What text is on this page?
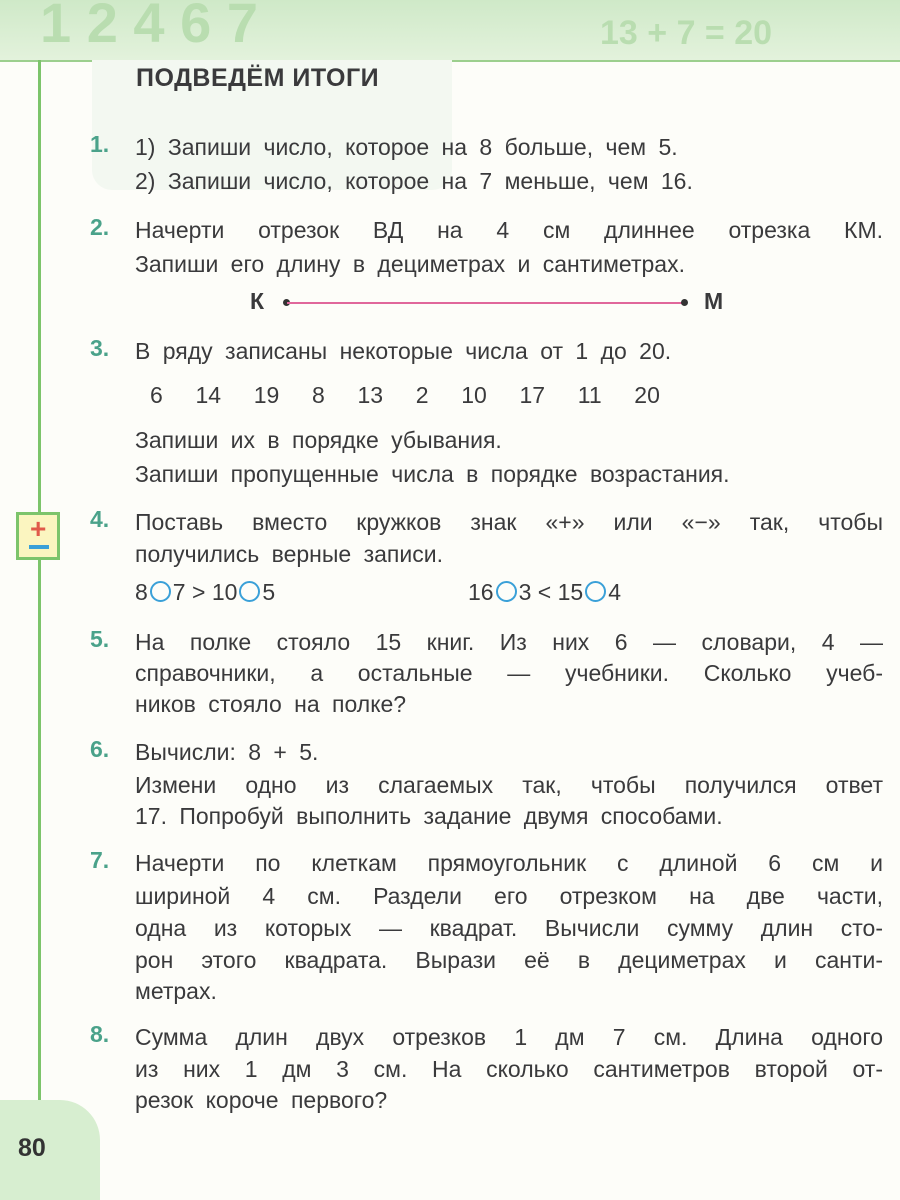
1 2 4 6 7	13 + 7 = 20
ПОДВЕДЁМ ИТОГИ
+
1. 1) Запиши число, которое на 8 больше, чем 5.
2) Запиши число, которое на 7 меньше, чем 16.
2. Начерти отрезок ВД на 4 см длиннее отрезка КМ.
Запиши его длину в дециметрах и сантиметрах.
К	М
3. В ряду записаны некоторые числа от 1 до 20.
6 14 19 8 13 2 10 17 11 20
Запиши их в порядке убывания.
Запиши пропущенные числа в порядке возрастания.
4. Поставь вместо кружков знак «+» или «−» так, чтобы
получились верные записи.
8 7 > 10 5	16 3 < 15 4
5. На полке стояло 15 книг. Из них 6 — словари, 4 —
справочники, а остальные — учебники. Сколько учеб-
ников стояло на полке?
6. Вычисли: 8 + 5.
Измени одно из слагаемых так, чтобы получился ответ
17. Попробуй выполнить задание двумя способами.
7. Начерти по клеткам прямоугольник с длиной 6 см и
шириной 4 см. Раздели его отрезком на две части,
одна из которых — квадрат. Вычисли сумму длин сто-
рон этого квадрата. Вырази её в дециметрах и санти-
метрах.
8. Сумма длин двух отрезков 1 дм 7 см. Длина одного
из них 1 дм 3 см. На сколько сантиметров второй от-
резок короче первого?
80
